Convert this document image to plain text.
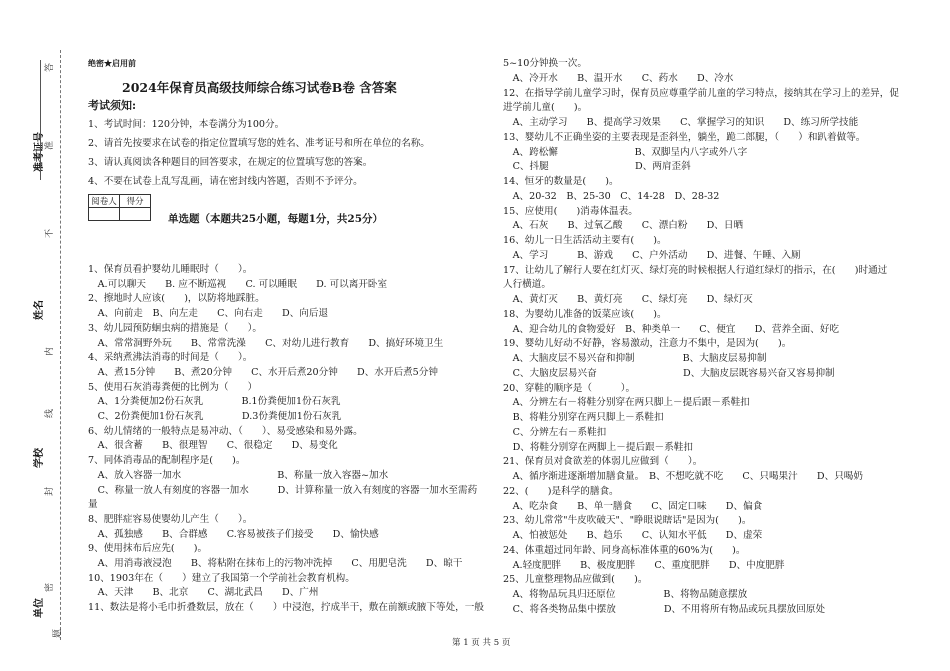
答
准
不
内
线
封
密
题
准考证号
姓名
学校
单位
绝密★启用前
2024年保育员高级技师综合练习试卷B卷 含答案
考试须知:
1、考试时间：120分钟，本卷满分为100分。
2、请首先按要求在试卷的指定位置填写您的姓名、准考证号和所在单位的名称。
3、请认真阅读各种题目的回答要求，在规定的位置填写您的答案。
4、不要在试卷上乱写乱画，请在密封线内答题，否则不予评分。
阅卷人	得分

单选题（本题共25小题，每题1分，共25分）
1、保育员看护婴幼儿睡眠时（　　）。
　A.可以聊天　　B. 应不断巡视　　C. 可以睡眠　　D. 可以离开卧室
2、擦地时人应该(　　)，以防将地踩脏。
　A、向前走　B、向左走　　C、向右走　　D、向后退
3、幼儿园预防蛔虫病的措施是（　　）。
　A、常常洞野外玩　　B、常常洗澡　　C、对幼儿进行教育　　D、搞好环境卫生
4、采纳煮沸法消毒的时间是（　　）。
　A、煮15分钟　　B、煮20分钟　　C、水开后煮20分钟　　D、水开后煮5分钟
5、使用石灰消毒粪便的比例为（　　）
　A、1分粪便加2份石灰乳　　　　B.1份粪便加1份石灰乳
　C、2份粪便加1份石灰乳　　　　D.3份粪便加1份石灰乳
6、幼儿情绪的一般特点是易冲动、（　　）、易受感染和易外露。
　A、很含蓄　　B、很理智　　C、很稳定　　D、易变化
7、同体消毒品的配制程序是(　　)。
　A、放入容器一加水　　　　　　　　　　B、称量一放入容器~加水
　C、称量一放人有刻度的容器一加水　　　D、计算称量一放入有刻度的容器一加水至需药
量
8、肥胖症容易使婴幼儿产生（　　）。
　A、孤独感　　B、合群感　　C.容易被孩子们接受　　D、愉快感
9、使用抹布后应先(　　)。
　A、用消毒液浸泡　　B、将粘附在抹布上的污物冲洗掉　　C、用肥皂洗　　D、晾干
10、1903年在（　　）建立了我国第一个学前社会教育机构。
　A、天津　　B、北京　　C、湖北武昌　　D、广州
11、数法是将小毛巾折叠数层，放在（　　）中浸泡，拧成半干，敷在前额或腋下等处，一般
5~10分钟换一次。
　A、冷开水　　B、温开水　　C、药水　　D、冷水
12、在指导学前儿童学习时，保育员应尊重学前儿童的学习特点，接纳其在学习上的差异，促
进学前儿童(　　)。
　A、主动学习　　B、提高学习效果　　C、掌握学习的知识　　D、练习所学技能
13、婴幼儿不正确坐姿的主要表现是歪斜坐，躺坐，跪二郎腿，（　　）和趴着做等。
　A、跨松懈　　　　　　　　B、双脚呈内八字或外八字
　C、抖腿　　　　　　　　　D、两肩歪斜
14、恒牙的数量是(　　)。
　A、20-32　B、25-30　C、14-28　D、28-32
15、应使用(　　)消毒体温表。
　A、石灰　　B、过氧乙酸　　C、漂白粉　　D、日晒
16、幼儿一日生活活动主要有(　　)。
　A、学习　　　B、游戏　　C、户外活动　　D、进餐、午睡、入厕
17、让幼儿了解行人要在红灯灭、绿灯亮的时候根据人行道红绿灯的指示，在(　　)时通过
人行横道。
　A、黄灯灭　　B、黄灯亮　　C、绿灯亮　　D、绿灯灭
18、为婴幼儿准备的饭菜应该(　　)。
　A、迎合幼儿的食物爱好　B、种类单一　　C、便宜　　D、营养全面、好吃
19、婴幼儿好动不好静，容易激动，注意力不集中，是因为(　　)。
　A、大脑皮层不易兴奋和抑制　　　　　B、大脑皮层易抑制
　C、大脑皮层易兴奋　　　　　　　　　D、大脑皮层既容易兴奋又容易抑制
20、穿鞋的顺序是（　　　）。
　A、分辨左右－将鞋分别穿在两只脚上－提后跟－系鞋扣
　B、将鞋分别穿在两只脚上－系鞋扣
　C、分辨左右－系鞋扣
　D、将鞋分别穿在两脚上－提后跟－系鞋扣
21、保育员对食欲差的体弱儿应做到（　　）。
　A、循序渐进逐渐增加膳食量。　B、不想吃就不吃　　C、只喝果汁　　D、只喝奶
22、(　　)是科学的膳食。
　A、吃杂食　　B、单一膳食　　C、固定口味　　D、偏食
23、幼儿常常"牛皮吹破天"、"睁眼说瞎话"是因为(　　)。
　A、怕被惩处　　B、趋乐　　C、认知水平低　　D、虚荣
24、体重超过同年龄、同身高标准体重的60%为(　　)。
　A.轻度肥胖　　B、极度肥胖　　C、重度肥胖　　D、中度肥胖
25、儿童整理物品应做到(　　)。
　A、将物品玩具归还原位　　　　　B、将物品随意摆放
　C、将各类物品集中摆放　　　　　D、不用将所有物品或玩具摆放回原处
第 1 页 共 5 页
